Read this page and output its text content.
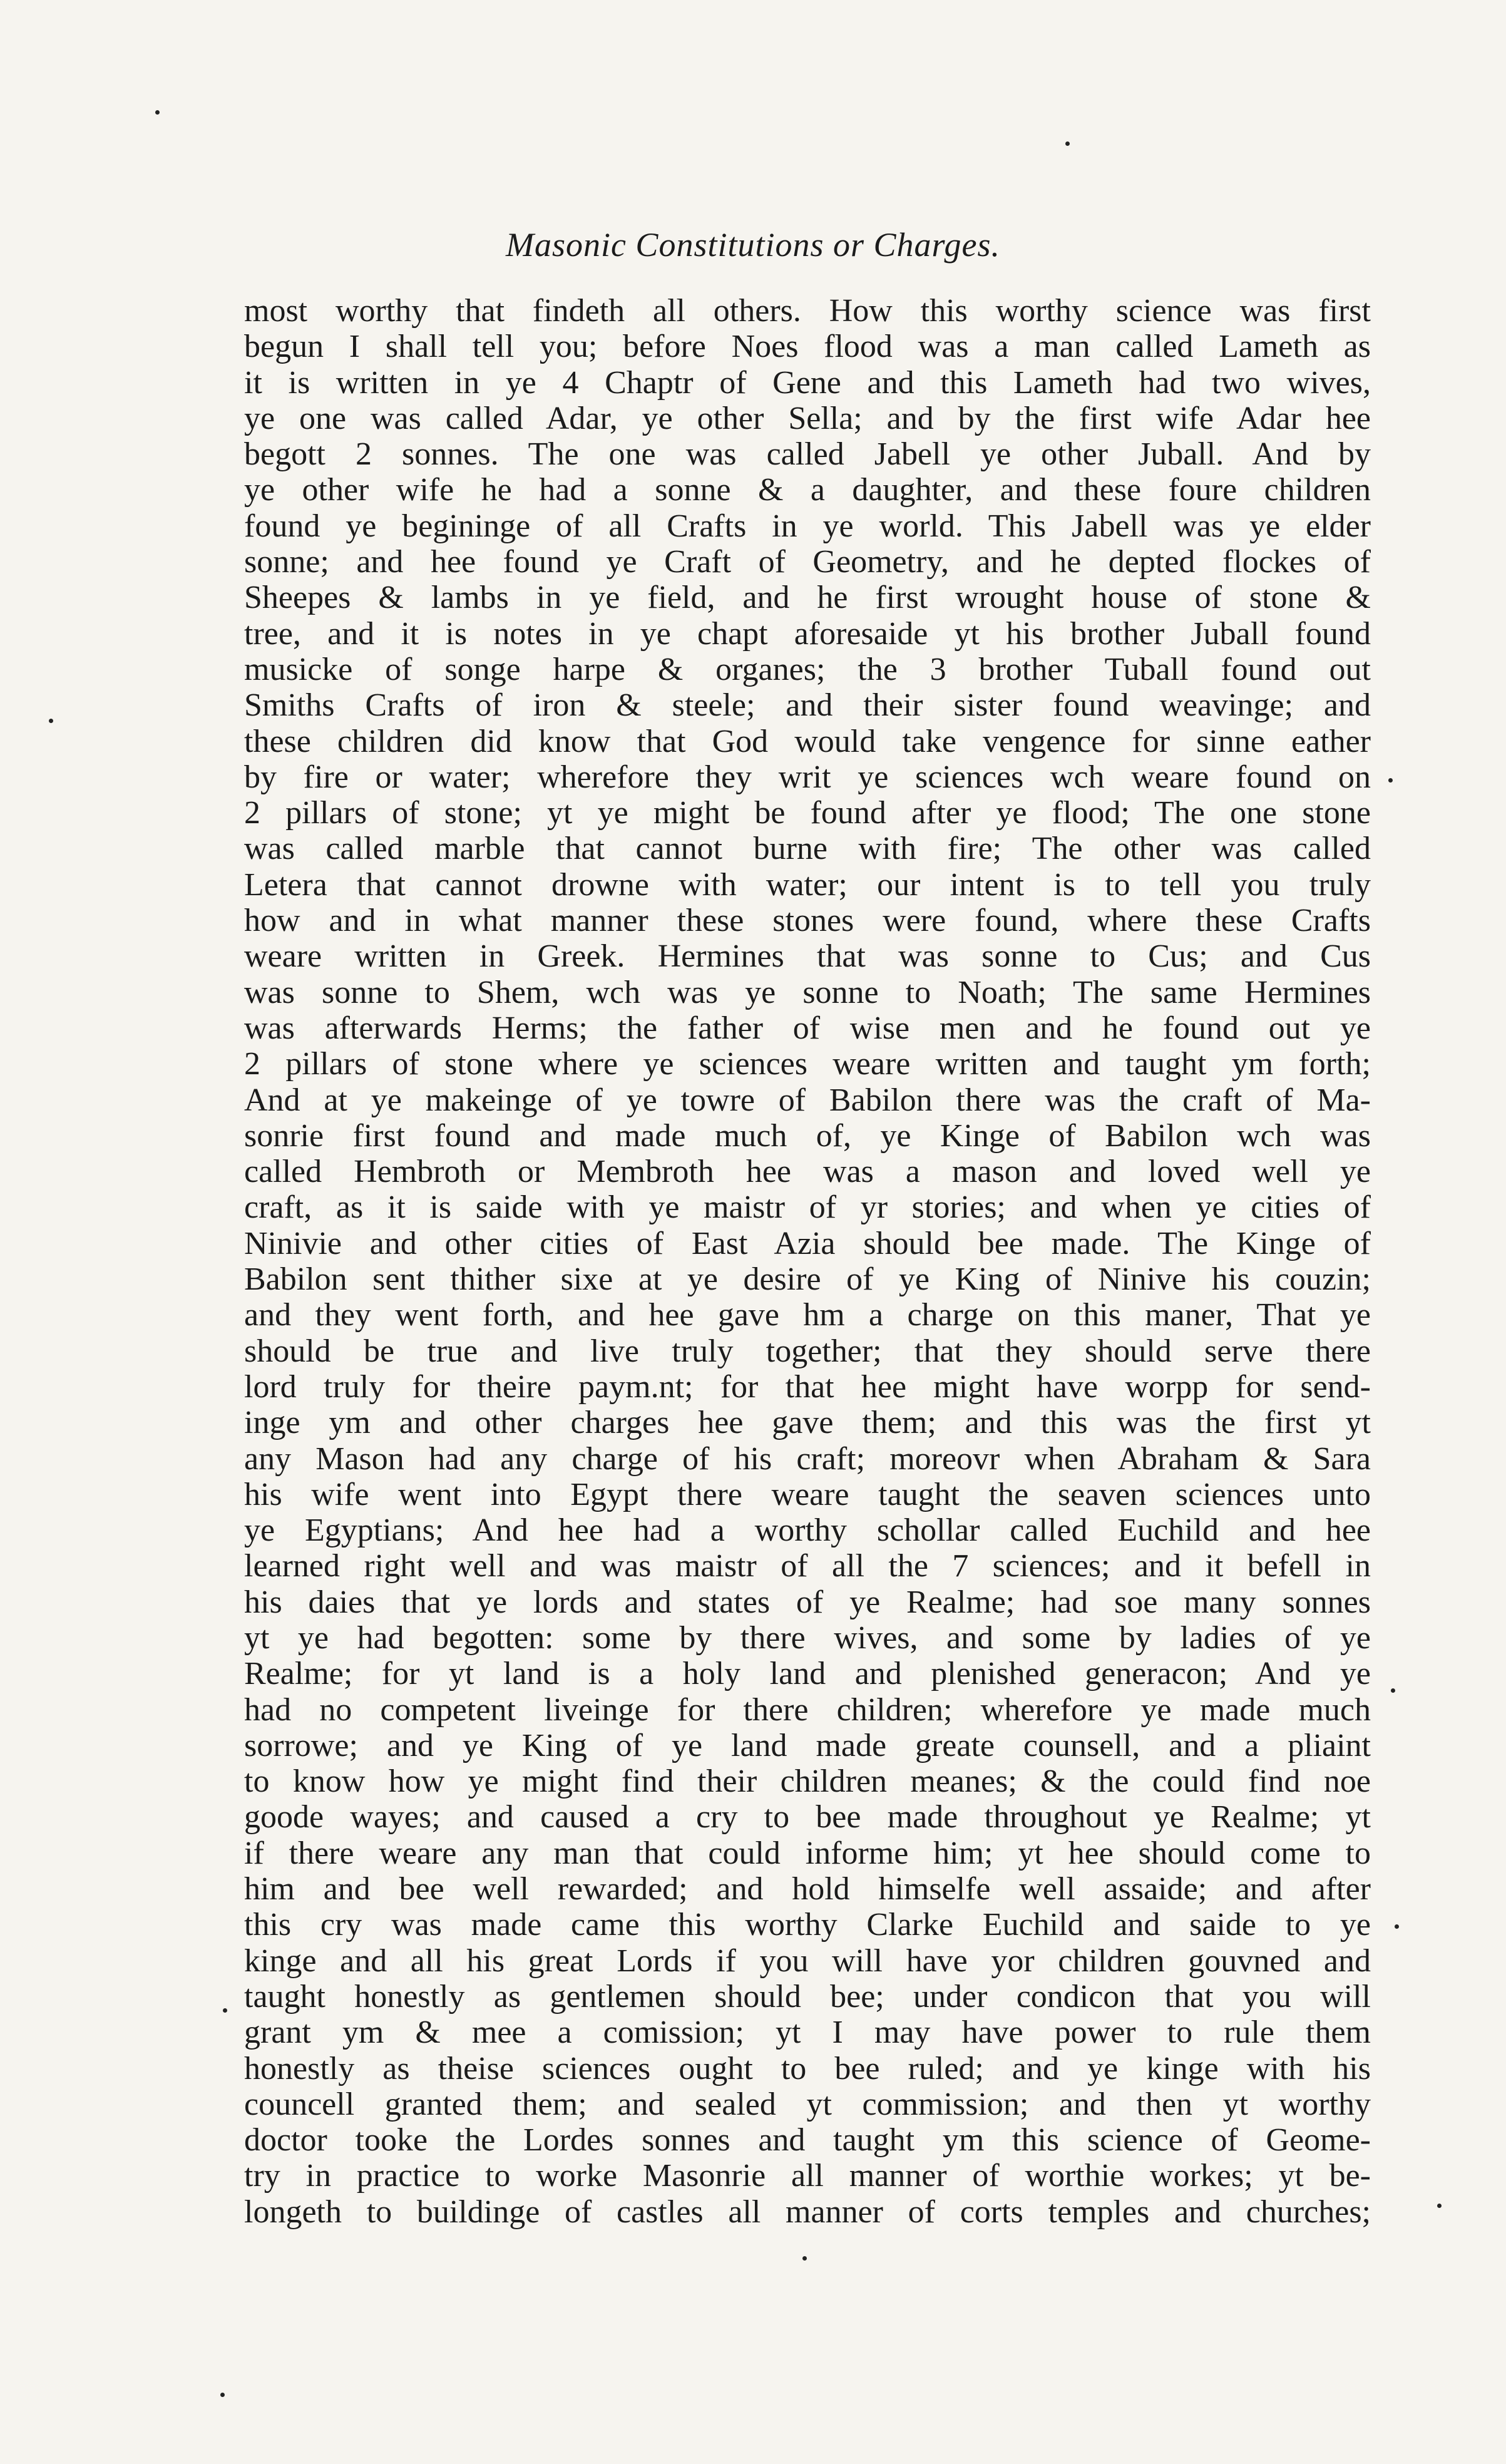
Masonic Constitutions or Charges.
most worthy that findeth all others. How this worthy science was first
begun I shall tell you; before Noes flood was a man called Lameth as
it is written in ye 4 Chaptr of Gene and this Lameth had two wives,
ye one was called Adar, ye other Sella; and by the first wife Adar hee
begott 2 sonnes. The one was called Jabell ye other Juball. And by
ye other wife he had a sonne & a daughter, and these foure children
found ye begininge of all Crafts in ye world. This Jabell was ye elder
sonne; and hee found ye Craft of Geometry, and he depted flockes of
Sheepes & lambs in ye field, and he first wrought house of stone &
tree, and it is notes in ye chapt aforesaide yt his brother Juball found
musicke of songe harpe & organes; the 3 brother Tuball found out
Smiths Crafts of iron & steele; and their sister found weavinge; and
these children did know that God would take vengence for sinne eather
by fire or water; wherefore they writ ye sciences wch weare found on
2 pillars of stone; yt ye might be found after ye flood; The one stone
was called marble that cannot burne with fire; The other was called
Letera that cannot drowne with water; our intent is to tell you truly
how and in what manner these stones were found, where these Crafts
weare written in Greek. Hermines that was sonne to Cus; and Cus
was sonne to Shem, wch was ye sonne to Noath; The same Hermines
was afterwards Herms; the father of wise men and he found out ye
2 pillars of stone where ye sciences weare written and taught ym forth;
And at ye makeinge of ye towre of Babilon there was the craft of Ma-
sonrie first found and made much of, ye Kinge of Babilon wch was
called Hembroth or Membroth hee was a mason and loved well ye
craft, as it is saide with ye maistr of yr stories; and when ye cities of
Ninivie and other cities of East Azia should bee made. The Kinge of
Babilon sent thither sixe at ye desire of ye King of Ninive his couzin;
and they went forth, and hee gave hm a charge on this maner, That ye
should be true and live truly together; that they should serve there
lord truly for theire paym.nt; for that hee might have worpp for send-
inge ym and other charges hee gave them; and this was the first yt
any Mason had any charge of his craft; moreovr when Abraham & Sara
his wife went into Egypt there weare taught the seaven sciences unto
ye Egyptians; And hee had a worthy schollar called Euchild and hee
learned right well and was maistr of all the 7 sciences; and it befell in
his daies that ye lords and states of ye Realme; had soe many sonnes
yt ye had begotten: some by there wives, and some by ladies of ye
Realme; for yt land is a holy land and plenished generacon; And ye
had no competent liveinge for there children; wherefore ye made much
sorrowe; and ye King of ye land made greate counsell, and a pliaint
to know how ye might find their children meanes; & the could find noe
goode wayes; and caused a cry to bee made throughout ye Realme; yt
if there weare any man that could informe him; yt hee should come to
him and bee well rewarded; and hold himselfe well assaide; and after
this cry was made came this worthy Clarke Euchild and saide to ye
kinge and all his great Lords if you will have yor children gouvned and
taught honestly as gentlemen should bee; under condicon that you will
grant ym & mee a comission; yt I may have power to rule them
honestly as theise sciences ought to bee ruled; and ye kinge with his
councell granted them; and sealed yt commission; and then yt worthy
doctor tooke the Lordes sonnes and taught ym this science of Geome-
try in practice to worke Masonrie all manner of worthie workes; yt be-
longeth to buildinge of castles all manner of corts temples and churches;
